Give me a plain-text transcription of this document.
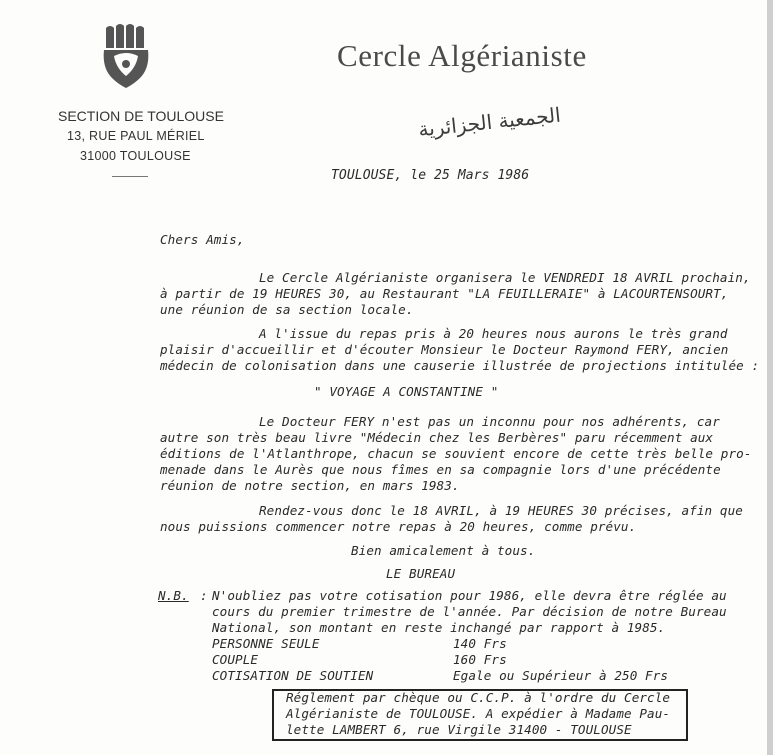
Cercle Algérianiste
SECTION DE TOULOUSE
13, RUE PAUL MÉRIEL
31000 TOULOUSE
الجمعية الجزائرية
TOULOUSE, le 25 Mars 1986
Chers Amis,
Le Cercle Algérianiste organisera le VENDREDI 18 AVRIL prochain,
à partir de 19 HEURES 30, au Restaurant "LA FEUILLERAIE" à LACOURTENSOURT,
une réunion de sa section locale.
A l'issue du repas pris à 20 heures nous aurons le très grand
plaisir d'accueillir et d'écouter Monsieur le Docteur Raymond FERY, ancien
médecin de colonisation dans une causerie illustrée de projections intitulée :
" VOYAGE A CONSTANTINE "
Le Docteur FERY n'est pas un inconnu pour nos adhérents, car
autre son très beau livre "Médecin chez les Berbères" paru récemment aux
éditions de l'Atlanthrope, chacun se souvient encore de cette très belle pro-
menade dans le Aurès que nous fîmes en sa compagnie lors d'une précédente
réunion de notre section, en mars 1983.
Rendez-vous donc le 18 AVRIL, à 19 HEURES 30 précises, afin que
nous puissions commencer notre repas à 20 heures, comme prévu.
Bien amicalement à tous.
LE BUREAU
N.B. : N'oubliez pas votre cotisation pour 1986, elle devra être réglée au
cours du premier trimestre de l'année. Par décision de notre Bureau
National, son montant en reste inchangé par rapport à 1985.
PERSONNE SEULE	140 Frs
COUPLE	160 Frs
COTISATION DE SOUTIEN	Egale ou Supérieur à 250 Frs
Réglement par chèque ou C.C.P. à l'ordre du Cercle
Algérianiste de TOULOUSE. A expédier à Madame Pau-
lette LAMBERT 6, rue Virgile 31400 - TOULOUSE
